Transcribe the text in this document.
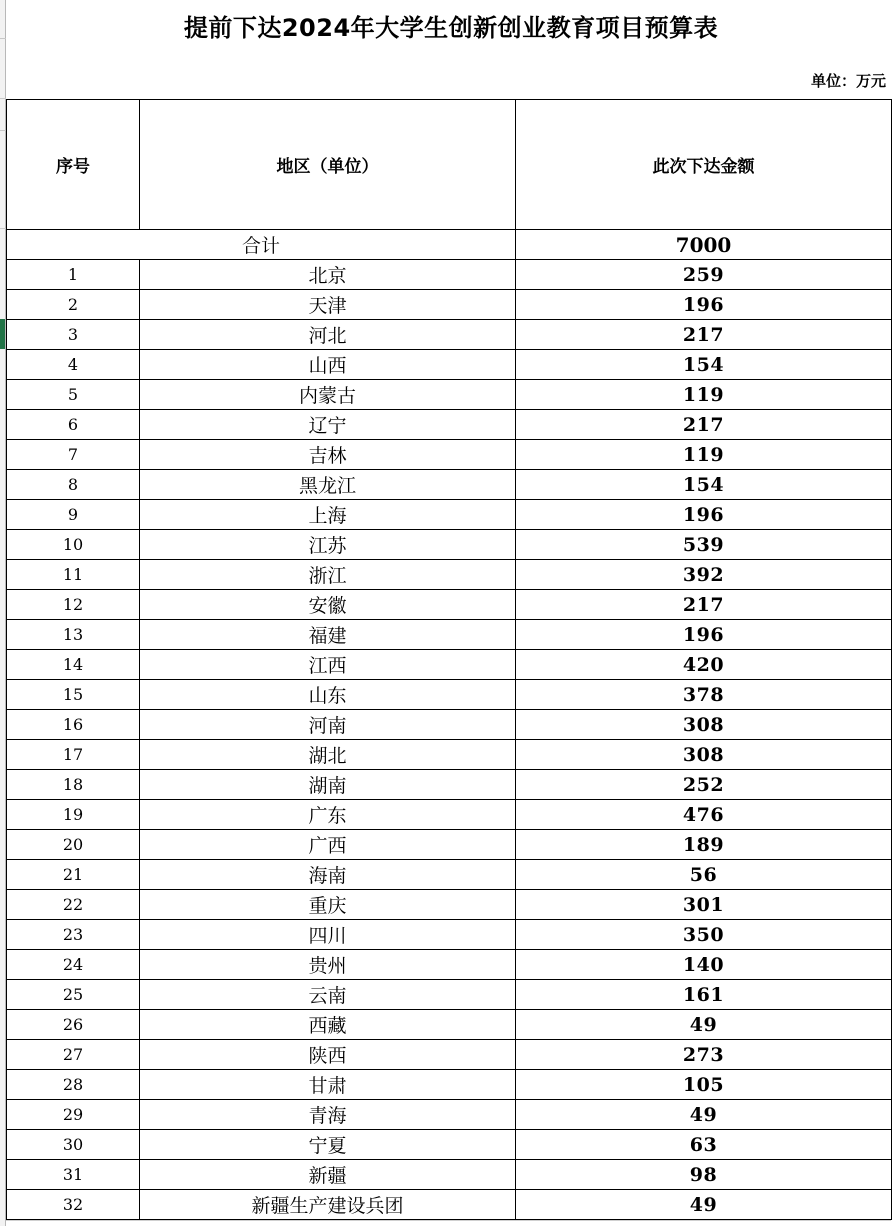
提前下达2024年大学生创新创业教育项目预算表
单位：万元
序号	地区（单位）	此次下达金额
合计		7000
1	北京	259
2	天津	196
3	河北	217
4	山西	154
5	内蒙古	119
6	辽宁	217
7	吉林	119
8	黑龙江	154
9	上海	196
10	江苏	539
11	浙江	392
12	安徽	217
13	福建	196
14	江西	420
15	山东	378
16	河南	308
17	湖北	308
18	湖南	252
19	广东	476
20	广西	189
21	海南	56
22	重庆	301
23	四川	350
24	贵州	140
25	云南	161
26	西藏	49
27	陕西	273
28	甘肃	105
29	青海	49
30	宁夏	63
31	新疆	98
32	新疆生产建设兵团	49
